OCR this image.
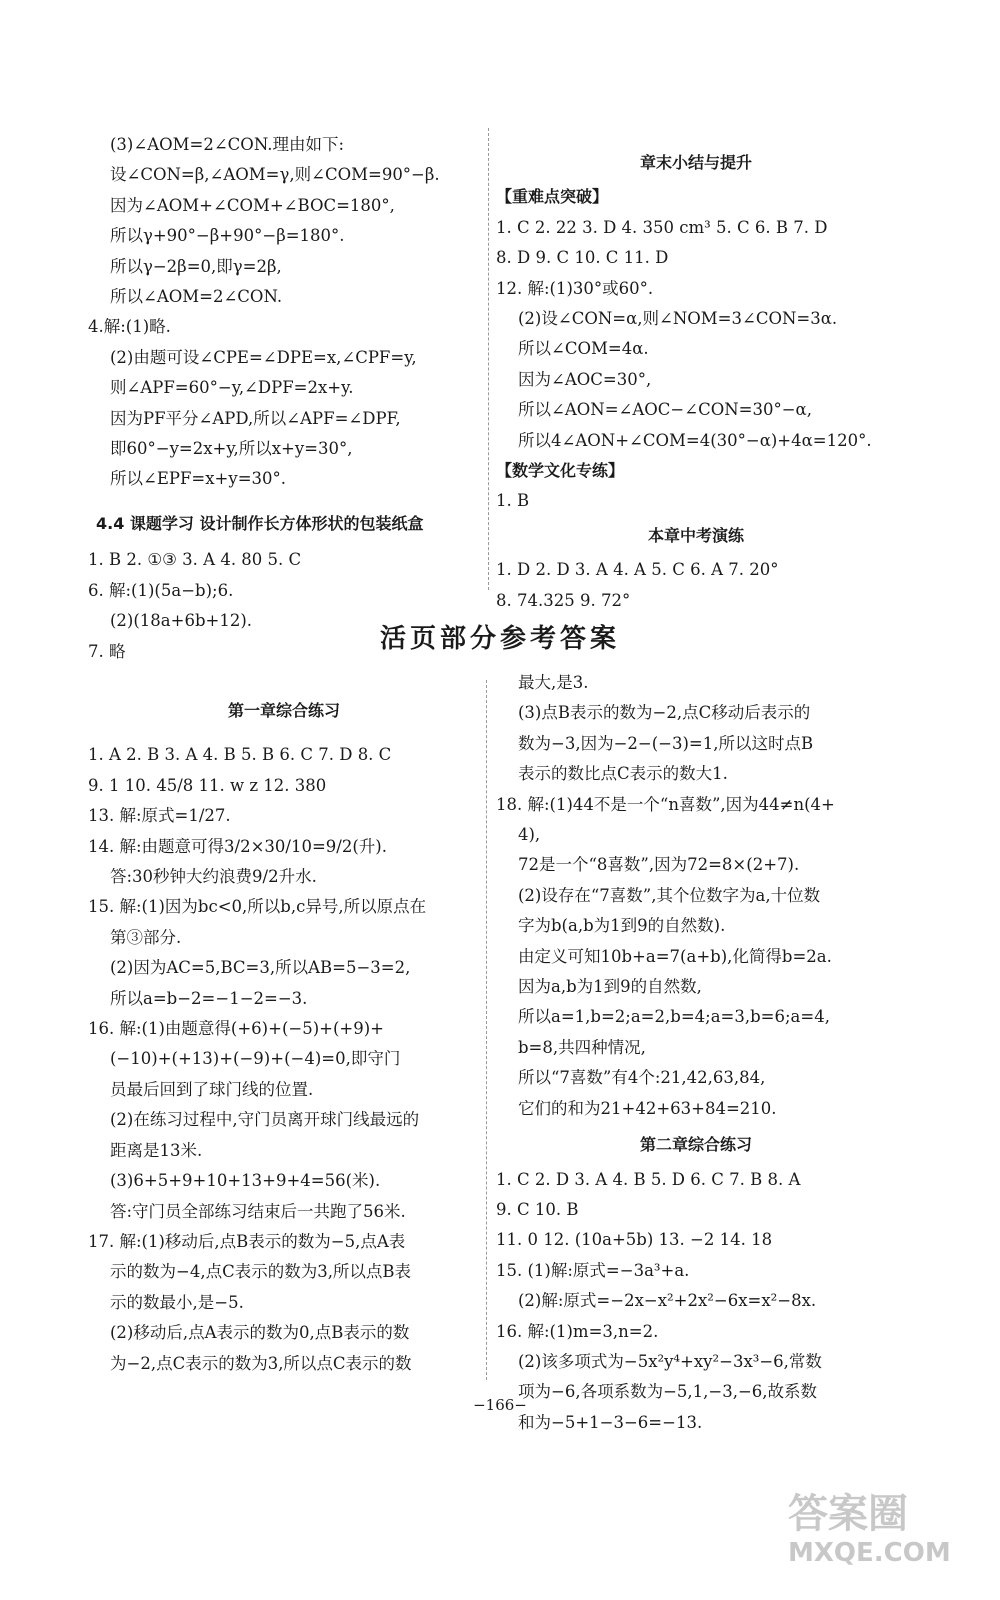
(3)∠AOM=2∠CON.理由如下:
设∠CON=β,∠AOM=γ,则∠COM=90°−β.
因为∠AOM+∠COM+∠BOC=180°,
所以γ+90°−β+90°−β=180°.
所以γ−2β=0,即γ=2β,
所以∠AOM=2∠CON.
4.解:(1)略.
(2)由题可设∠CPE=∠DPE=x,∠CPF=y,
则∠APF=60°−y,∠DPF=2x+y.
因为PF平分∠APD,所以∠APF=∠DPF,
即60°−y=2x+y,所以x+y=30°,
所以∠EPF=x+y=30°.
4.4 课题学习 设计制作长方体形状的包装纸盒
1. B 2. ①③ 3. A 4. 80 5. C
6. 解:(1)(5a−b);6.
(2)(18a+6b+12).
7. 略
章末小结与提升
【重难点突破】
1. C 2. 22 3. D 4. 350 cm³ 5. C 6. B 7. D
8. D 9. C 10. C 11. D
12. 解:(1)30°或60°.
(2)设∠CON=α,则∠NOM=3∠CON=3α.
所以∠COM=4α.
因为∠AOC=30°,
所以∠AON=∠AOC−∠CON=30°−α,
所以4∠AON+∠COM=4(30°−α)+4α=120°.
【数学文化专练】
1. B
本章中考演练
1. D 2. D 3. A 4. A 5. C 6. A 7. 20°
8. 74.325 9. 72°
活页部分参考答案
第一章综合练习
1. A 2. B 3. A 4. B 5. B 6. C 7. D 8. C
9. 1 10. 45/8 11. w z 12. 380
13. 解:原式=1/27.
14. 解:由题意可得3/2×30/10=9/2(升).
答:30秒钟大约浪费9/2升水.
15. 解:(1)因为bc<0,所以b,c异号,所以原点在
第③部分.
(2)因为AC=5,BC=3,所以AB=5−3=2,
所以a=b−2=−1−2=−3.
16. 解:(1)由题意得(+6)+(−5)+(+9)+
(−10)+(+13)+(−9)+(−4)=0,即守门
员最后回到了球门线的位置.
(2)在练习过程中,守门员离开球门线最远的
距离是13米.
(3)6+5+9+10+13+9+4=56(米).
答:守门员全部练习结束后一共跑了56米.
17. 解:(1)移动后,点B表示的数为−5,点A表
示的数为−4,点C表示的数为3,所以点B表
示的数最小,是−5.
(2)移动后,点A表示的数为0,点B表示的数
为−2,点C表示的数为3,所以点C表示的数
最大,是3.
(3)点B表示的数为−2,点C移动后表示的
数为−3,因为−2−(−3)=1,所以这时点B
表示的数比点C表示的数大1.
18. 解:(1)44不是一个“n喜数”,因为44≠n(4+
4),
72是一个“8喜数”,因为72=8×(2+7).
(2)设存在“7喜数”,其个位数字为a,十位数
字为b(a,b为1到9的自然数).
由定义可知10b+a=7(a+b),化简得b=2a.
因为a,b为1到9的自然数,
所以a=1,b=2;a=2,b=4;a=3,b=6;a=4,
b=8,共四种情况,
所以“7喜数”有4个:21,42,63,84,
它们的和为21+42+63+84=210.
第二章综合练习
1. C 2. D 3. A 4. B 5. D 6. C 7. B 8. A
9. C 10. B
11. 0 12. (10a+5b) 13. −2 14. 18
15. (1)解:原式=−3a³+a.
(2)解:原式=−2x−x²+2x²−6x=x²−8x.
16. 解:(1)m=3,n=2.
(2)该多项式为−5x²y⁴+xy²−3x³−6,常数
项为−6,各项系数为−5,1,−3,−6,故系数
和为−5+1−3−6=−13.
−166−
答案圈
MXQE.COM
